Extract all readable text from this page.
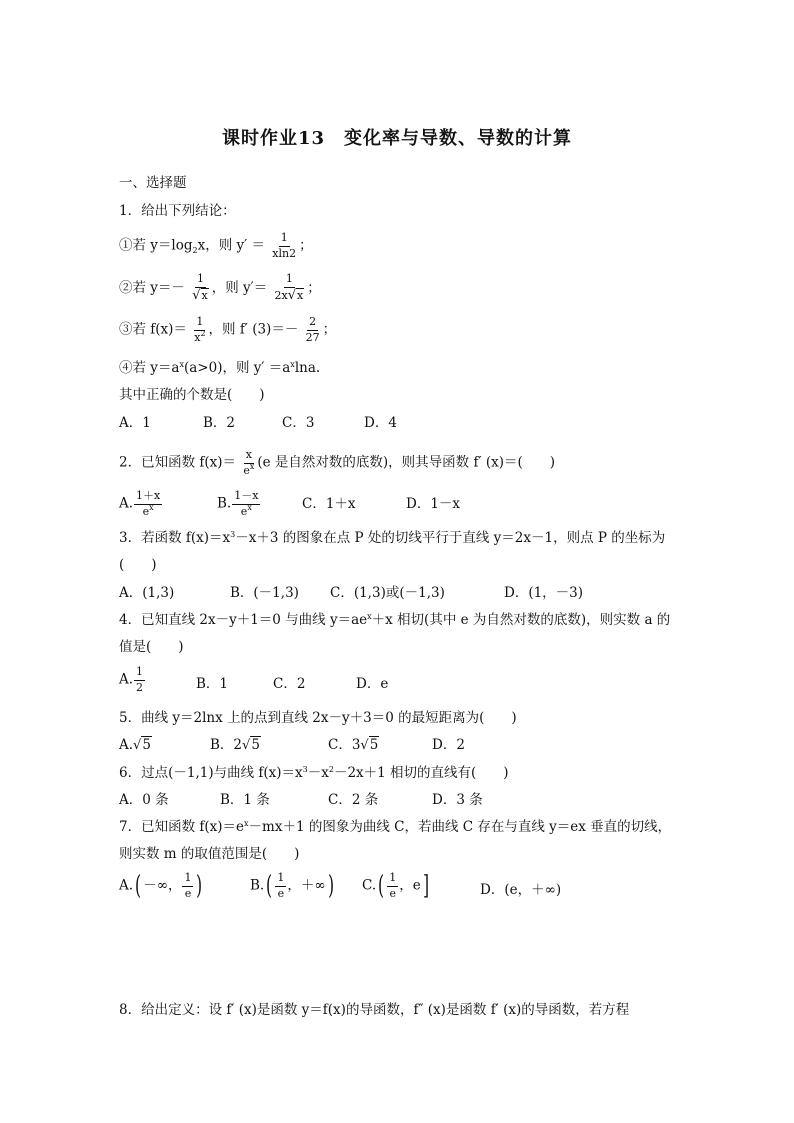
课时作业13　变化率与导数、导数的计算
一、选择题
1．给出下列结论：
①若 $y=\log_2x$，则 $y' = \frac{1}{xln2}$ ；
②若 $y=- \frac{1}{√x}$ ，则 $y'= \frac{1}{2x√x}$ ；
③若 $f(x)= \frac{1}{x^2}$ ，则 f′ $(3)=- \frac{2}{27}$ ；
④若 $y=a^x(a>0)$，则 $y' =a^x\ln a$.
其中正确的个数是(　　)
A．1	B．2	C．3	D．4
2．已知函数 $f(x)= \frac{x}{e^x} (e$ 是自然对数的底数)，则其导函数 f′ (x)＝(　　)
A. $\frac{1+x}{e^x}$	B. $\frac{1-x}{e^x}$	C．1＋x	D．1－x
3．若函数 $f(x)=x^3-x+3$ 的图象在点 P 处的切线平行于直线 y＝2x－1，则点 P 的坐标为
(　　)
A．(1,3)	B．(－1,3) C．(1,3)或(－1,3)	D．(1，－3)
4．已知直线 2x－y＋1＝0 与曲线 $y=ae^x+x$ 相切(其中 e 为自然对数的底数)，则实数 a 的
值是(　　)
A. $\frac{1}{2}$	B．1	C．2	D．e
5．曲线 y＝2lnx 上的点到直线 2x－y＋3＝0 的最短距离为(　　)
A.√5	B．2√5	C．3√5	D．2
6．过点(－1,1)与曲线 $f(x)=x^3-x^2-2x+1$ 相切的直线有(　　)
A．0 条	B．1 条	C．2 条	D．3 条
7．已知函数 $f(x)=e^x-mx+1$ 的图象为曲线 C，若曲线 C 存在与直线 y＝ex 垂直的切线，
则实数 m 的取值范围是(　　)
A.( －∞， $\frac{1}{e}$ )	$B.( \frac{1}{e}$ ，＋∞) $C.( \frac{1}{e}$ ，e]	D．(e，＋∞)
8．给出定义：设 f′ (x)是函数 y＝f(x)的导函数，f″ (x)是函数 f′ (x)的导函数，若方程
